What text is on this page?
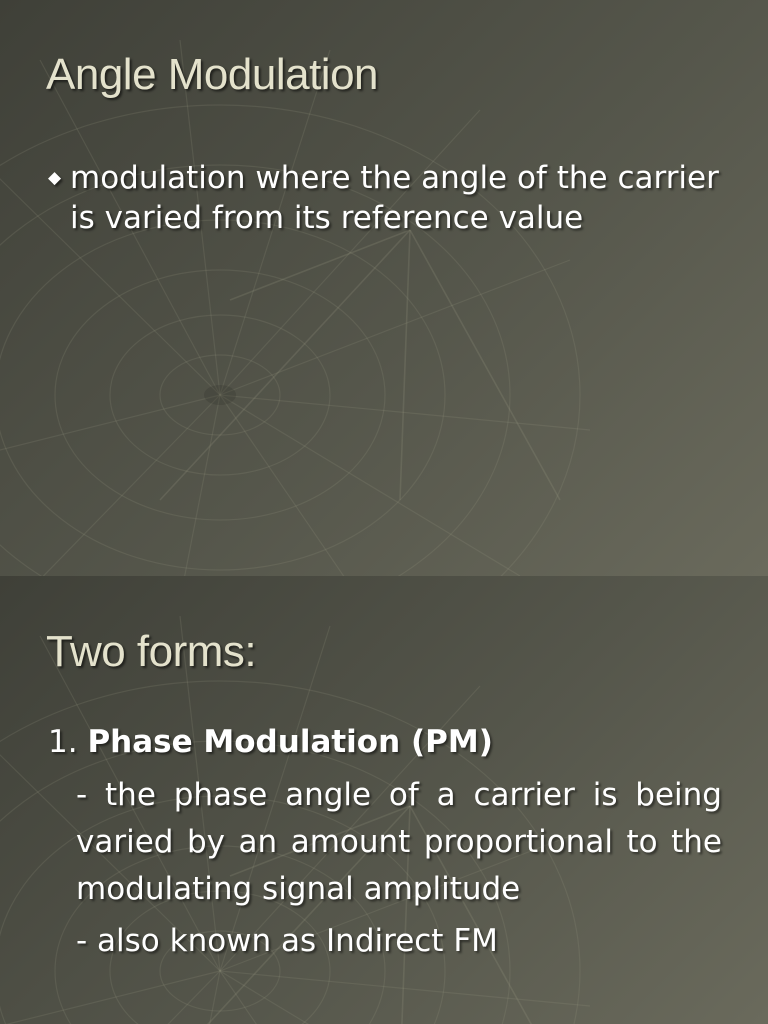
Angle Modulation
◆ modulation where the angle of the carrier is varied from its reference value
Two forms:
1. Phase Modulation (PM)
- the phase angle of a carrier is being varied by an amount proportional to the modulating signal amplitude
- also known as Indirect FM
